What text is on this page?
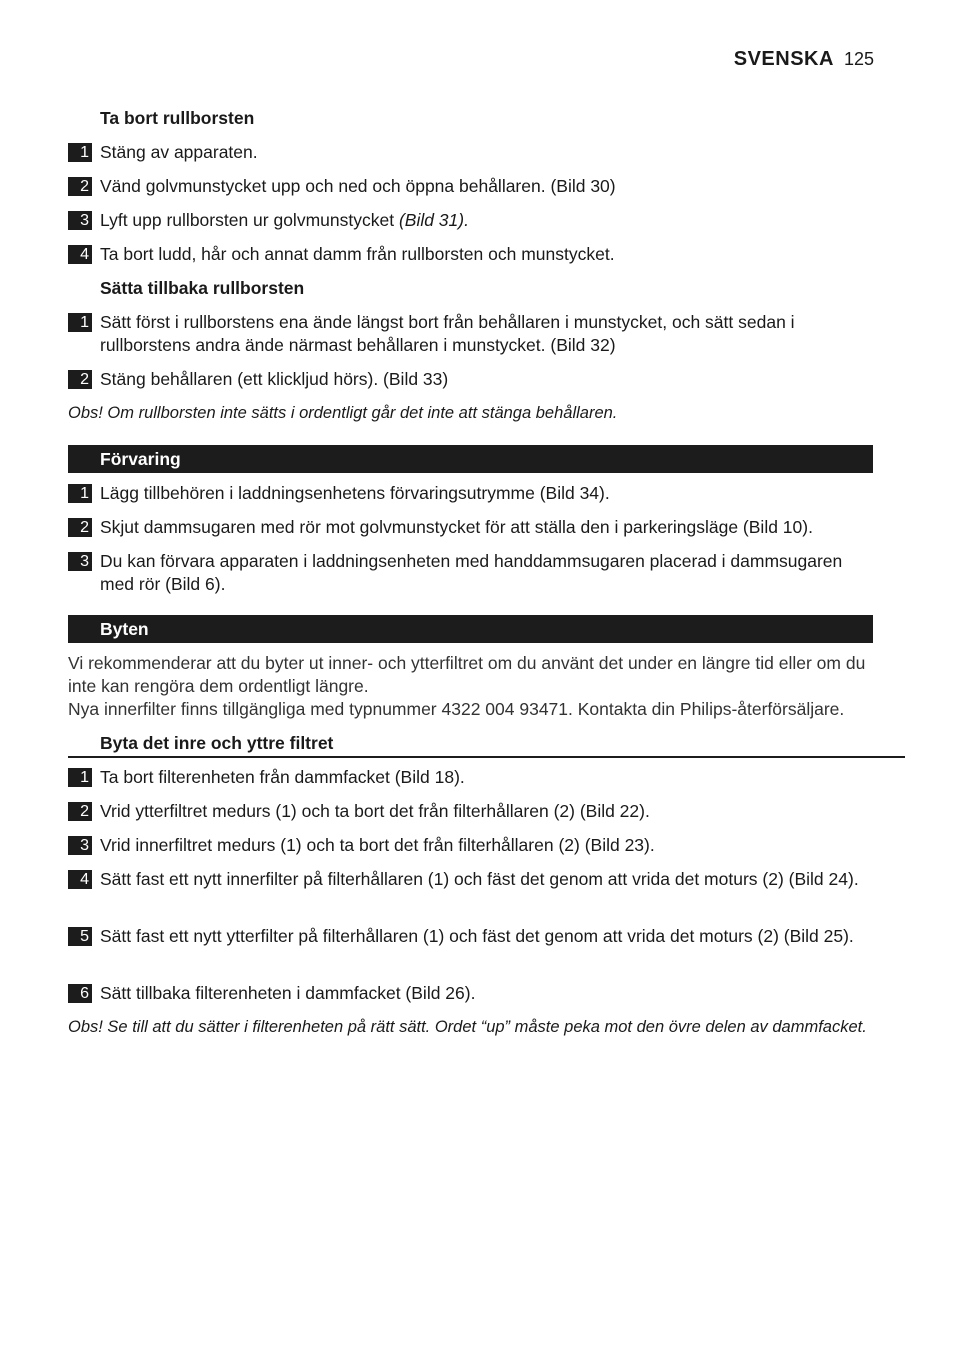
SVENSKA 125
Ta bort rullborsten
1 Stäng av apparaten.
2 Vänd golvmunstycket upp och ned och öppna behållaren. (Bild 30)
3 Lyft upp rullborsten ur golvmunstycket (Bild 31).
4 Ta bort ludd, hår och annat damm från rullborsten och munstycket.
Sätta tillbaka rullborsten
1 Sätt först i rullborstens ena ände längst bort från behållaren i munstycket, och sätt sedan i rullborstens andra ände närmast behållaren i munstycket. (Bild 32)
2 Stäng behållaren (ett klickljud hörs). (Bild 33)
Obs! Om rullborsten inte sätts i ordentligt går det inte att stänga behållaren.
Förvaring
1 Lägg tillbehören i laddningsenhetens förvaringsutrymme (Bild 34).
2 Skjut dammsugaren med rör mot golvmunstycket för att ställa den i parkeringsläge (Bild 10).
3 Du kan förvara apparaten i laddningsenheten med handdammsugaren placerad i dammsugaren med rör (Bild 6).
Byten
Vi rekommenderar att du byter ut inner- och ytterfiltret om du använt det under en längre tid eller om du inte kan rengöra dem ordentligt längre.
Nya innerfilter finns tillgängliga med typnummer 4322 004 93471. Kontakta din Philips-återförsäljare.
Byta det inre och yttre filtret
1 Ta bort filterenheten från dammfacket (Bild 18).
2 Vrid ytterfiltret medurs (1) och ta bort det från filterhållaren (2) (Bild 22).
3 Vrid innerfiltret medurs (1) och ta bort det från filterhållaren (2) (Bild 23).
4 Sätt fast ett nytt innerfilter på filterhållaren (1) och fäst det genom att vrida det moturs (2) (Bild 24).
5 Sätt fast ett nytt ytterfilter på filterhållaren (1) och fäst det genom att vrida det moturs (2) (Bild 25).
6 Sätt tillbaka filterenheten i dammfacket (Bild 26).
Obs! Se till att du sätter i filterenheten på rätt sätt. Ordet “up” måste peka mot den övre delen av dammfacket.
